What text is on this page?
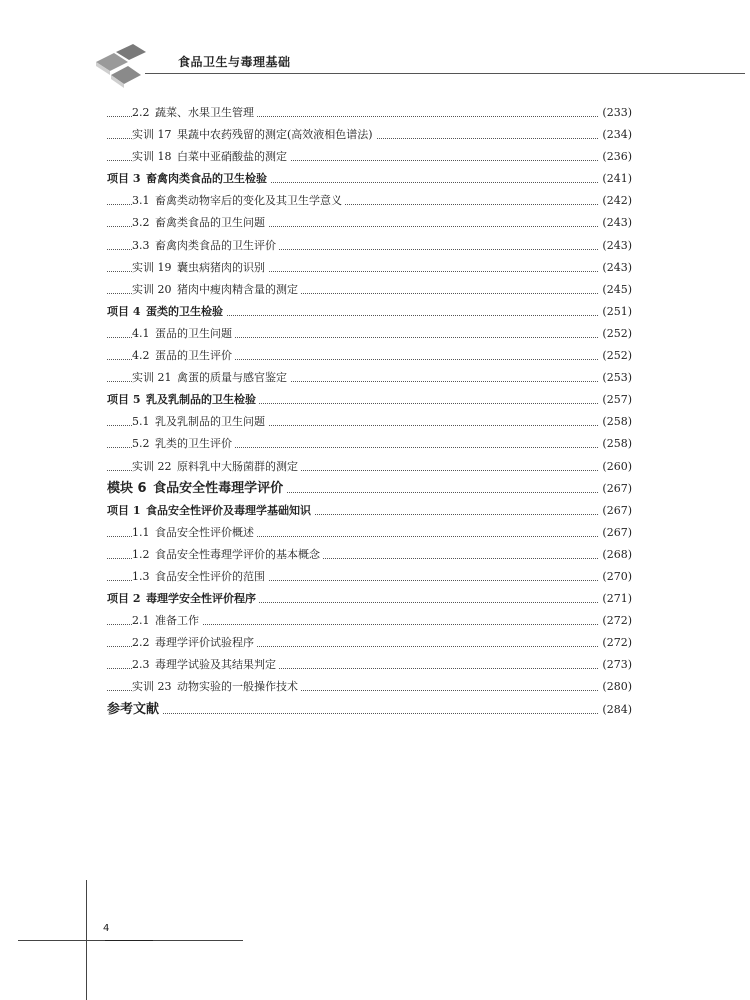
食品卫生与毒理基础
2.2  蔬菜、水果卫生管理	(233)
实训 17  果蔬中农药残留的测定(高效液相色谱法)	(234)
实训 18  白菜中亚硝酸盐的测定	(236)
项目 3  畜禽肉类食品的卫生检验	(241)
3.1  畜禽类动物宰后的变化及其卫生学意义	(242)
3.2  畜禽类食品的卫生问题	(243)
3.3  畜禽肉类食品的卫生评价	(243)
实训 19  囊虫病猪肉的识别	(243)
实训 20  猪肉中瘦肉精含量的测定	(245)
项目 4  蛋类的卫生检验	(251)
4.1  蛋品的卫生问题	(252)
4.2  蛋品的卫生评价	(252)
实训 21  禽蛋的质量与感官鉴定	(253)
项目 5  乳及乳制品的卫生检验	(257)
5.1  乳及乳制品的卫生问题	(258)
5.2  乳类的卫生评价	(258)
实训 22  原料乳中大肠菌群的测定	(260)
模块 6  食品安全性毒理学评价	(267)
项目 1  食品安全性评价及毒理学基础知识	(267)
1.1  食品安全性评价概述	(267)
1.2  食品安全性毒理学评价的基本概念	(268)
1.3  食品安全性评价的范围	(270)
项目 2  毒理学安全性评价程序	(271)
2.1  准备工作	(272)
2.2  毒理学评价试验程序	(272)
2.3  毒理学试验及其结果判定	(273)
实训 23  动物实验的一般操作技术	(280)
参考文献	(284)
4
